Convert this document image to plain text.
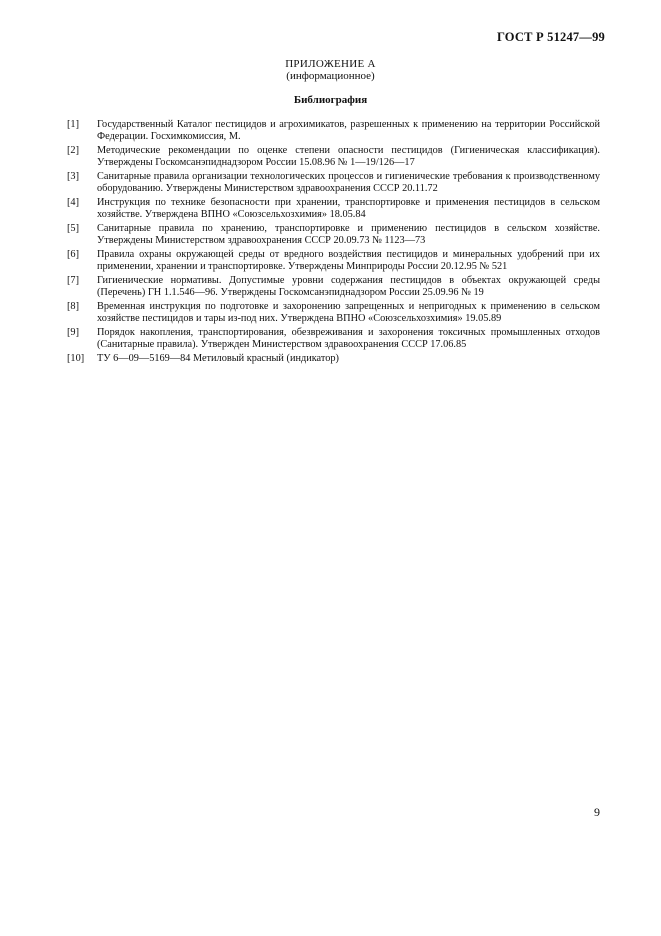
ГОСТ Р 51247—99
ПРИЛОЖЕНИЕ А
(информационное)
Библиография
[1]	Государственный Каталог пестицидов и агрохимикатов, разрешенных к применению на территории Российской Федерации. Госхимкомиссия, М.
[2]	Методические рекомендации по оценке степени опасности пестицидов (Гигиеническая классификация). Утверждены Госкомсанэпиднадзором России 15.08.96 № 1—19/126—17
[3]	Санитарные правила организации технологических процессов и гигиенические требования к производственному оборудованию. Утверждены Министерством здравоохранения СССР 20.11.72
[4]	Инструкция по технике безопасности при хранении, транспортировке и применения пестицидов в сельском хозяйстве. Утверждена ВПНО «Союзсельхозхимия» 18.05.84
[5]	Санитарные правила по хранению, транспортировке и применению пестицидов в сельском хозяйстве. Утверждены Министерством здравоохранения СССР 20.09.73 № 1123—73
[6]	Правила охраны окружающей среды от вредного воздействия пестицидов и минеральных удобрений при их применении, хранении и транспортировке. Утверждены Минприроды России 20.12.95 № 521
[7]	Гигиенические нормативы. Допустимые уровни содержания пестицидов в объектах окружающей среды (Перечень) ГН 1.1.546—96. Утверждены Госкомсанэпиднадзором России 25.09.96 № 19
[8]	Временная инструкция по подготовке и захоронению запрещенных и непригодных к применению в сельском хозяйстве пестицидов и тары из-под них. Утверждена ВПНО «Союзсельхозхимия» 19.05.89
[9]	Порядок накопления, транспортирования, обезвреживания и захоронения токсичных промышленных отходов (Санитарные правила). Утвержден Министерством здравоохранения СССР 17.06.85
[10]	ТУ 6—09—5169—84 Метиловый красный (индикатор)
9
